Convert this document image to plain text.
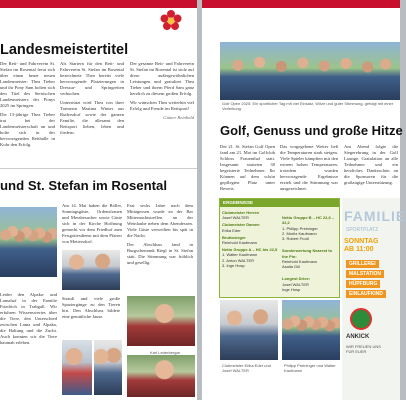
Landesmeistertitel

Der Reit- und Fahrverein St. Stefan im Rosental freut sich über einen heuer neuen Landesmeister: Thea Tieber und ihr Pony Sam holten sich den Titel des Steirischen Landesmeisters der Ponys 2025 im Springen.

Die 13-jährige Thea Tieber trat bei der Landesmeisterschaft an und holte sich in der hervorragenden Reithalle in Kohr den Erfolg.

Als Startern für den Reit- und Fahrverein St. Stefan im Rosental bezeichnete Thea bereits viele hervorragende Platzierungen in Dressur- und Springreiten verbuchen.

Unterstützt wird Thea von ihrer Trainerin Martina Winter aus Rudersdorf sowie der ganzen Familie, die allesamt den Reitsport lieben, leben und fördern.

Der gesamte Reit- und Fahrverein St. Stefan im Rosental ist stolz auf diese außergewöhnlichen Leistungen und gratuliert Thea Tieber und ihrem Pferd Sam ganz herzlich zu diesem großen Erfolg.

Wir wünschen Thea weiterhin viel Erfolg und Freude im Reitsport!

Günter Reinbold

und St. Stefan im Rosental

Am 14. Mai haben die Böller, Sonntagsgäste, Ordensfrauen und Messbesucher sowie Gäste sich in der Kirche Hoffnung gemacht vor dem Friedhof zum Festgottesdienst mit dem Pfarrer von Mettersdorf.

Fast sechs Jahre nach dem Mittagessen wurde an der Bar Mitternachtstreffen an der Weinlaube neben dem Abendessen. Viele Gäste verweilten bis spät in die Nacht.

Der Abschluss fand in Burgschenrank Riegl in St. Stefan statt. Die Stimmung war fröhlich und gesellig.

Leider den Alpaka- und Lamahof in der Familie Friedrich in Trabgall. Wir erfuhren Wissenswertes über die Tiere, den Unterschied zwischen Lama und Alpaka, die Haltung und die Zucht. Auch konnten wir die Tiere hautnah erleben.

Strauß und viele große Spaziergänge zu den Tieren hin. Den Abschluss bildete eine gemütliche Jause.

Karl Lederbergar
Golf Open 2025: Ein sportlicher Tag mit viel Einsatz, Witze und guter Stimmung, gefolgt mit einer Verleihung.
Golf, Genuss und große Hitze

Der 21. St. Stefan Golf Open fand am 21. Mai im Golfclub Schloss Frauenthal statt. Insgesamt starteten 30 begeisterte Teilnehmer. Ihr Können auf dem schön gepflegten Platz unter Beweis.

Das vorgegebene Wetter ließ die Temperaturen stark steigen. Viele Spieler kämpften mit den extrem hohen Temperaturen, trotzdem wurden hervorragende Ergebnisse erzielt und die Stimmung war ausgezeichnet.

Am Abend folgte die Siegerehrung in der Golf Lounge. Gratulation an alle Teilnehmer und ein herzliches Dankeschön an die Sponsoren für die großzügige Unterstützung.

ERGEBNISSE
Clubmeister Herren
Josef WALTER
Clubmeister Damen
Erika Eder
Bruttosieger
Reinhold Kaufmann
Netto Gruppe A – HC bis 22,5
1. Walter Kaufmann
2. Anton WALTER
3. Inge Hosp

Netto Gruppe B – HC 22,6 – 32,2
1. Philipp Preininger
2. Moritz Kaufmann
3. Robert Frodl

Sonderwertung Nearest to the Pin:
Reinhold Kaufmann
Asalia Gill

Longest Drive:
Josef WALTER
Inge Hosp

Clubmeister Erika Eder und Josef WALTER
Philipp Preininger und Walter Kaufmann
FAMILIE
SPORTPLATZ
SONNTAG
AB 11:00
GRILLEREI
MALSTATION
HÜPFBURG
EINLAUFKIND
ANKICK
WIR FREUEN UNS
FÜR EUER
